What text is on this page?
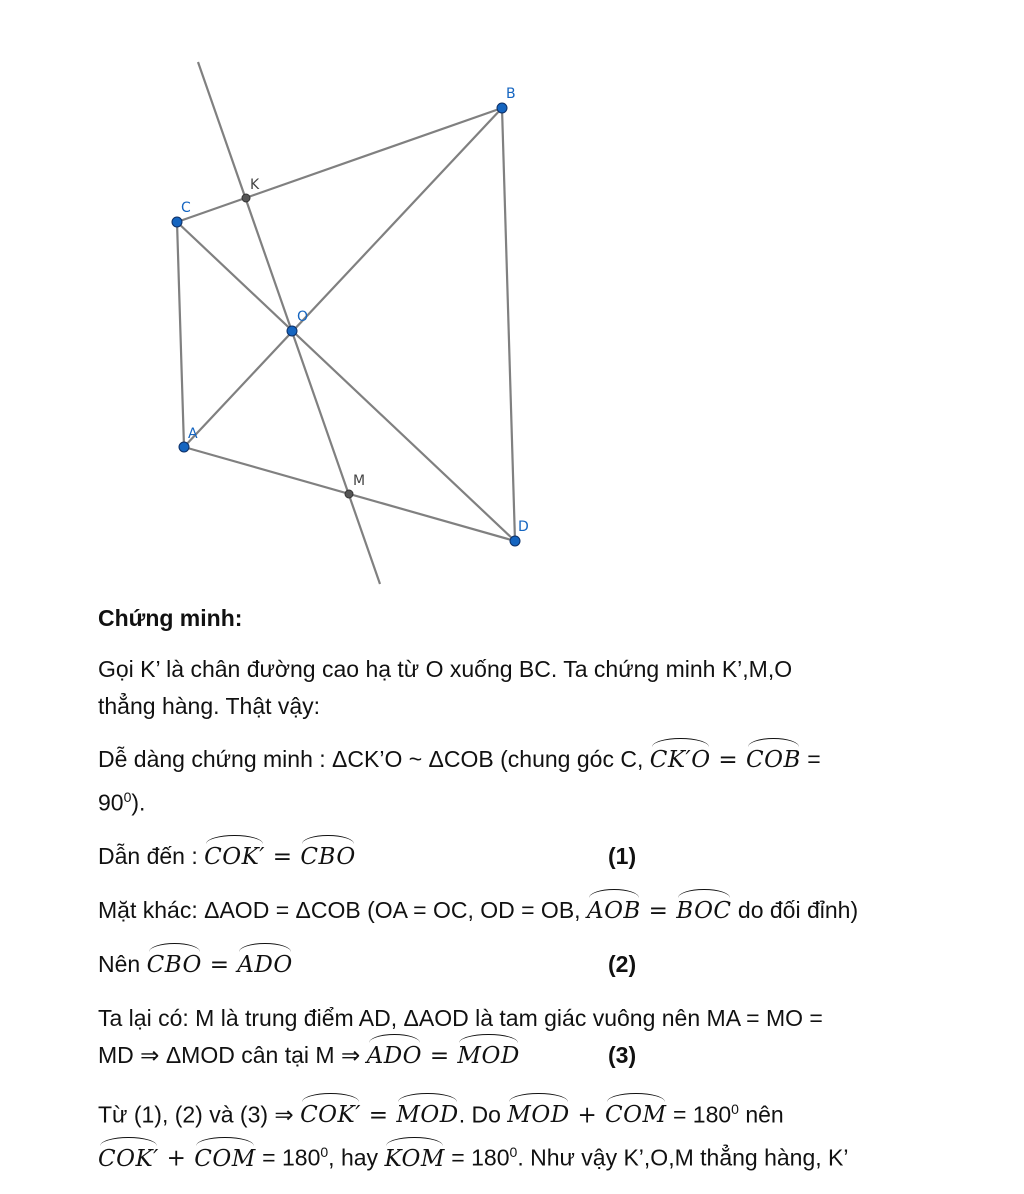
B
C
O
A
D
K
M
Chứng minh:
Gọi K’ là chân đường cao hạ từ O xuống BC. Ta chứng minh K’,M,O
thẳng hàng. Thật vậy:
Dễ dàng chứng minh : ΔCK’O ~ ΔCOB (chung góc C, CK′O = COB =
$90^0$).
Dẫn đến : COK′ = CBO	(1)
Mặt khác: ΔAOD = ΔCOB (OA = OC, OD = OB, AOB = BOC do đối đỉnh)
Nên CBO = ADO	(2)
Ta lại có: M là trung điểm AD, ΔAOD là tam giác vuông nên MA = MO =
MD ⇒ ΔMOD cân tại M ⇒ ADO = MOD	(3)
Từ (1), (2) và (3) ⇒ COK′ = MOD. Do MOD + COM = $180^0$ nên
COK′ + COM = $180^0$, hay KOM = $180^0$. Như vậy K’,O,M thẳng hàng, K’
